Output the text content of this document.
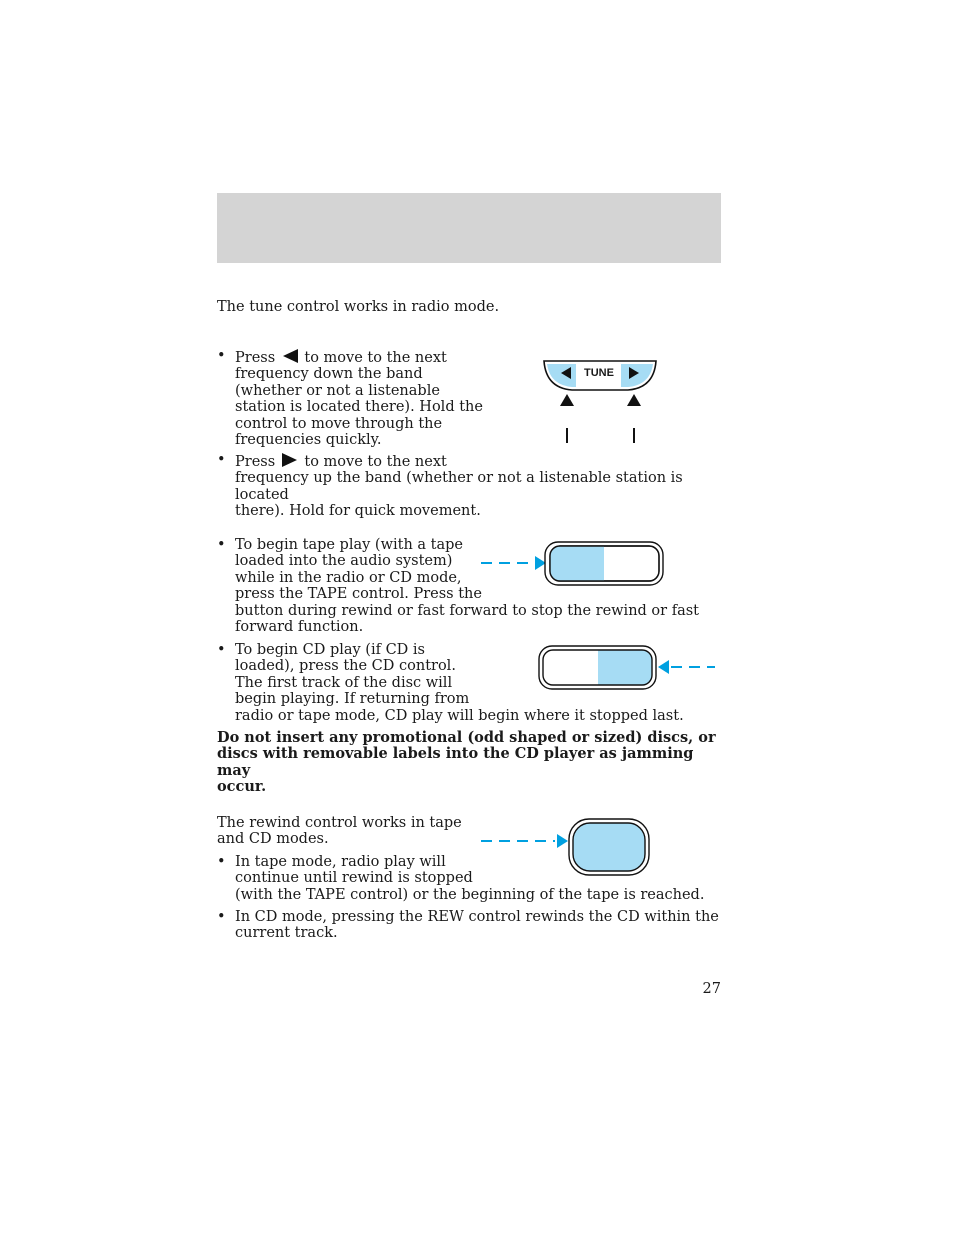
The tune control works in radio mode.
• Press to move to the next
frequency down the band
(whether or not a listenable
station is located there). Hold the
control to move through the
frequencies quickly.
• Press to move to the next
frequency up the band (whether or not a listenable station is located
there). Hold for quick movement.
TUNE
• To begin tape play (with a tape
loaded into the audio system)
while in the radio or CD mode,
press the TAPE control. Press the
button during rewind or fast forward to stop the rewind or fast
forward function.
• To begin CD play (if CD is
loaded), press the CD control.
The first track of the disc will
begin playing. If returning from
radio or tape mode, CD play will begin where it stopped last.
Do not insert any promotional (odd shaped or sized) discs, or
discs with removable labels into the CD player as jamming may
occur.
The rewind control works in tape
and CD modes.
• In tape mode, radio play will
continue until rewind is stopped
(with the TAPE control) or the beginning of the tape is reached.
• In CD mode, pressing the REW control rewinds the CD within the
current track.
27
